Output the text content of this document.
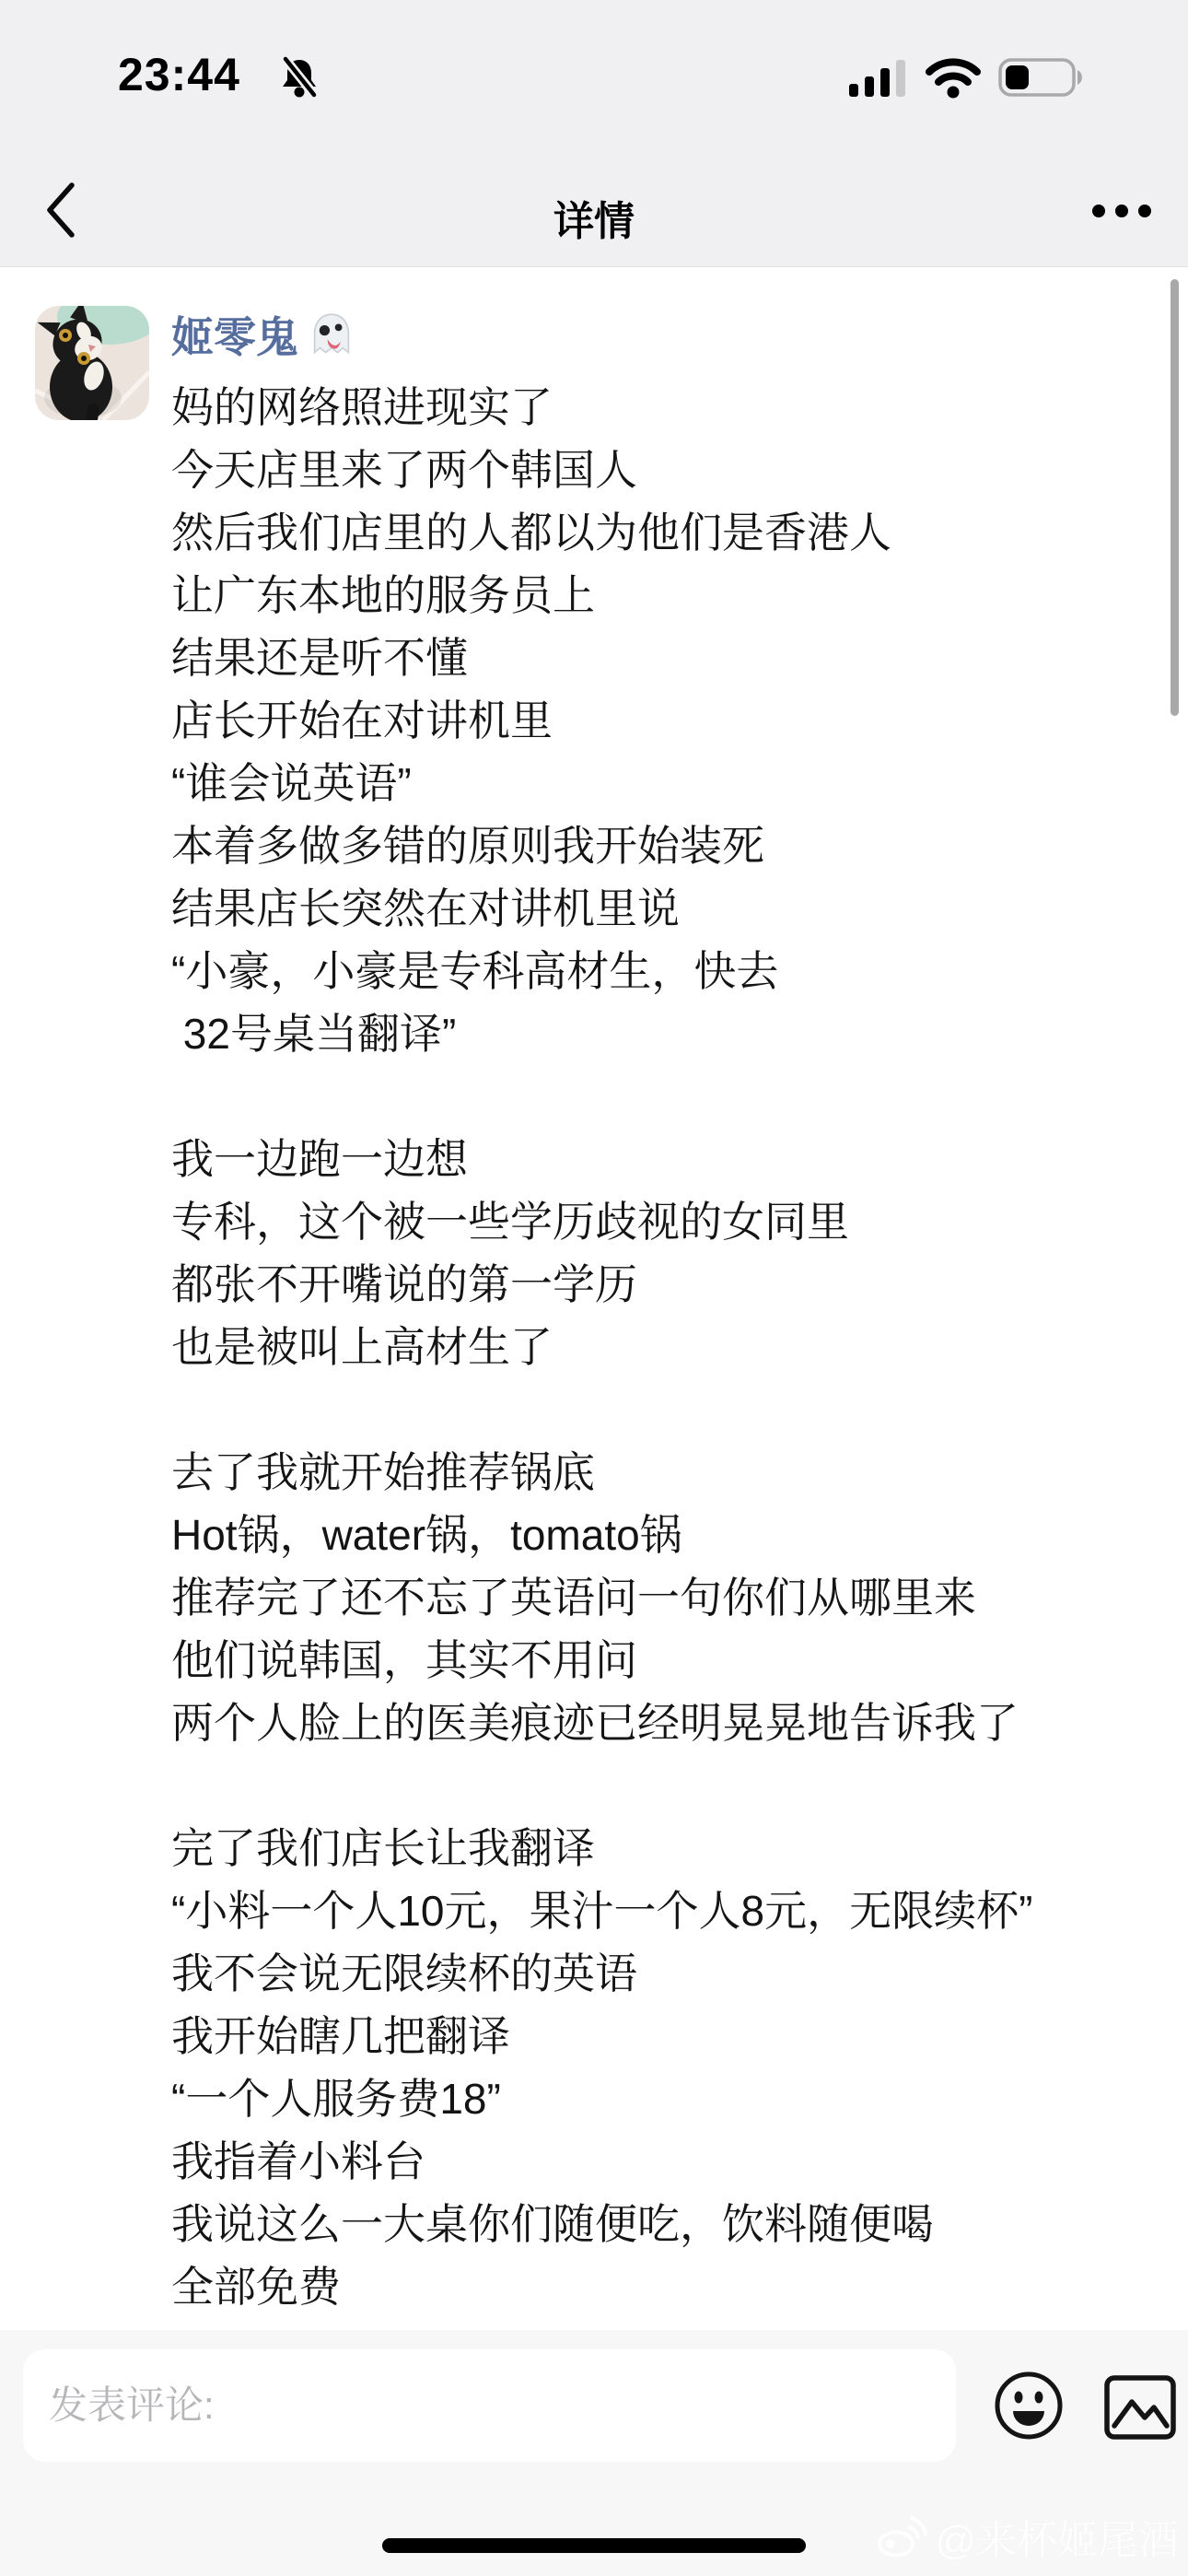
23:44
详情
姬零鬼
妈的网络照进现实了
今天店里来了两个韩国人
然后我们店里的人都以为他们是香港人
让广东本地的服务员上
结果还是听不懂
店长开始在对讲机里
“谁会说英语”
本着多做多错的原则我开始装死
结果店长突然在对讲机里说
“小豪，小豪是专科高材生，快去
32号桌当翻译”

我一边跑一边想
专科，这个被一些学历歧视的女同里
都张不开嘴说的第一学历
也是被叫上高材生了

去了我就开始推荐锅底
Hot锅，water锅，tomato锅
推荐完了还不忘了英语问一句你们从哪里来
他们说韩国，其实不用问
两个人脸上的医美痕迹已经明晃晃地告诉我了

完了我们店长让我翻译
“小料一个人10元，果汁一个人8元，无限续杯”
我不会说无限续杯的英语
我开始瞎几把翻译
“一个人服务费18”
我指着小料台
我说这么一大桌你们随便吃，饮料随便喝
全部免费
发表评论:
@来杯姬尾酒
